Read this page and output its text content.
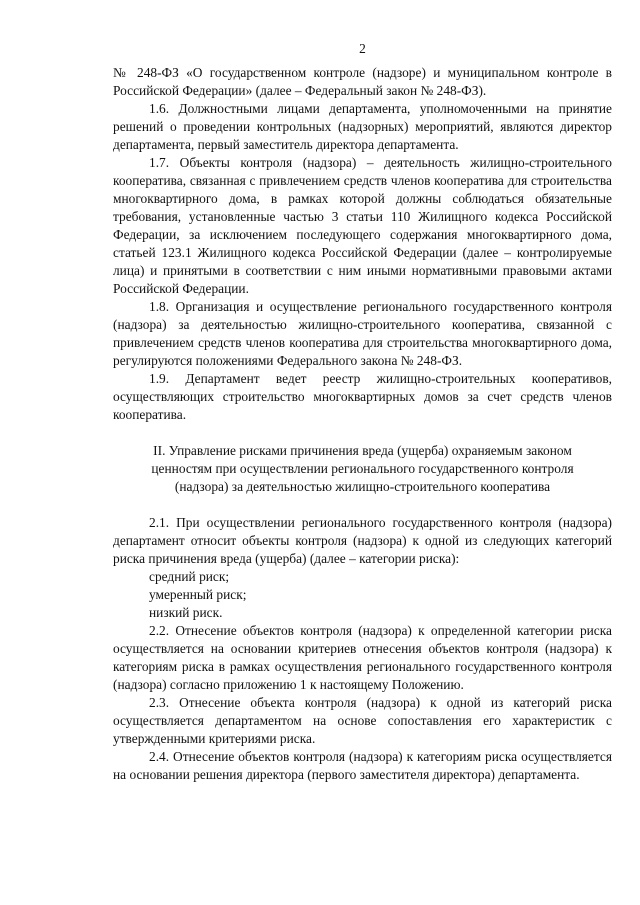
2

№ 248-ФЗ «О государственном контроле (надзоре) и муниципальном контроле в Российской Федерации» (далее – Федеральный закон № 248-ФЗ).

1.6. Должностными лицами департамента, уполномоченными на принятие решений о проведении контрольных (надзорных) мероприятий, являются директор департамента, первый заместитель директора департамента.

1.7. Объекты контроля (надзора) – деятельность жилищно-строительного кооператива, связанная с привлечением средств членов кооператива для строительства многоквартирного дома, в рамках которой должны соблюдаться обязательные требования, установленные частью 3 статьи 110 Жилищного кодекса Российской Федерации, за исключением последующего содержания многоквартирного дома, статьей 123.1 Жилищного кодекса Российской Федерации (далее – контролируемые лица) и принятыми в соответствии с ним иными нормативными правовыми актами Российской Федерации.

1.8. Организация и осуществление регионального государственного контроля (надзора) за деятельностью жилищно-строительного кооператива, связанной с привлечением средств членов кооператива для строительства многоквартирного дома, регулируются положениями Федерального закона № 248-ФЗ.

1.9. Департамент ведет реестр жилищно-строительных кооперативов, осуществляющих строительство многоквартирных домов за счет средств членов кооператива.

II. Управление рисками причинения вреда (ущерба) охраняемым законом
ценностям при осуществлении регионального государственного контроля
(надзора) за деятельностью жилищно-строительного кооператива

2.1. При осуществлении регионального государственного контроля (надзора) департамент относит объекты контроля (надзора) к одной из следующих категорий риска причинения вреда (ущерба) (далее – категории риска):

средний риск;

умеренный риск;

низкий риск.

2.2. Отнесение объектов контроля (надзора) к определенной категории риска осуществляется на основании критериев отнесения объектов контроля (надзора) к категориям риска в рамках осуществления регионального государственного контроля (надзора) согласно приложению 1 к настоящему Положению.

2.3. Отнесение объекта контроля (надзора) к одной из категорий риска осуществляется департаментом на основе сопоставления его характеристик с утвержденными критериями риска.

2.4. Отнесение объектов контроля (надзора) к категориям риска осуществляется на основании решения директора (первого заместителя директора) департамента.
